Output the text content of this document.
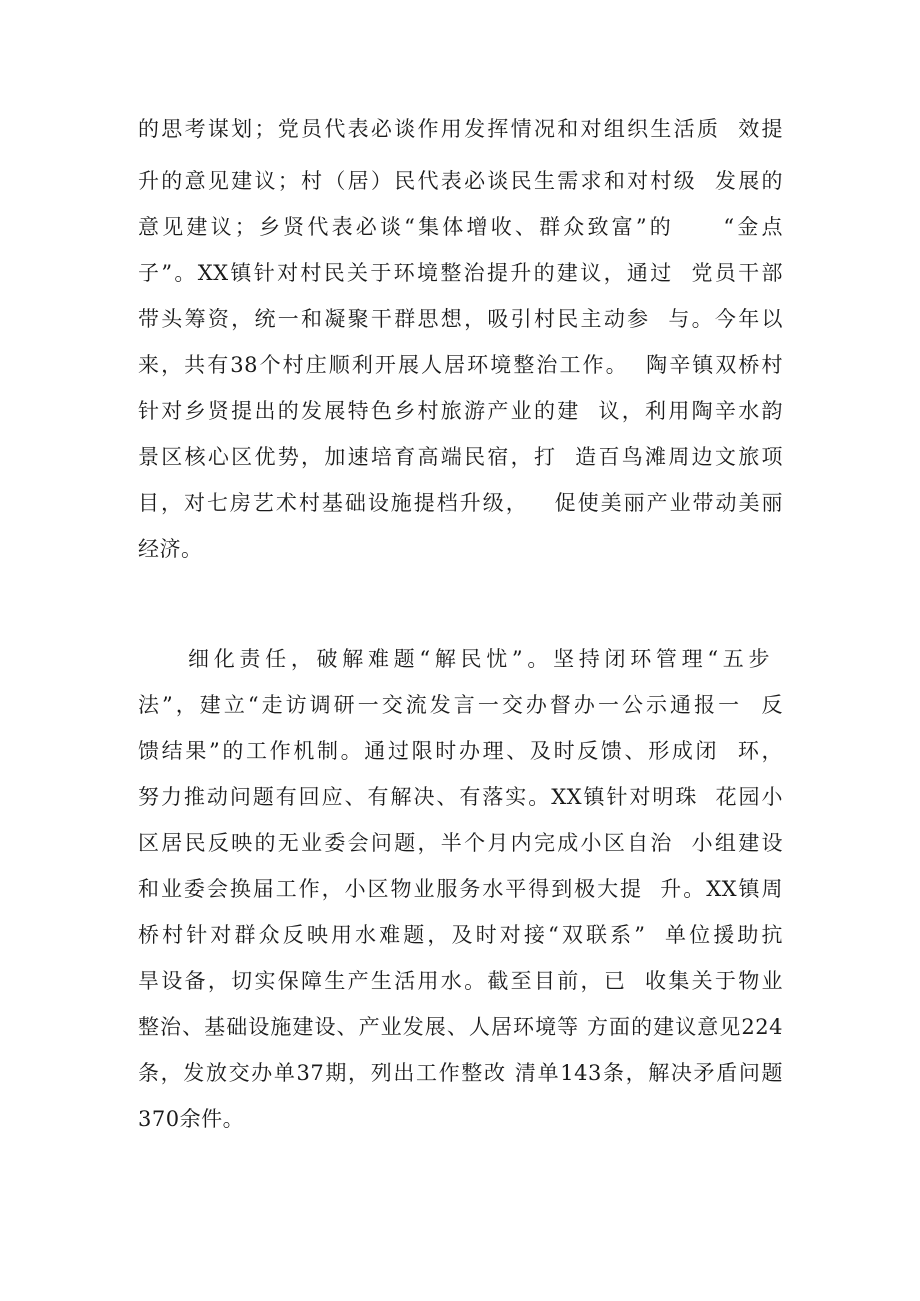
的思考谋划；党员代表必谈作用发挥情况和对组织生活质  效提
升的意见建议；村（居）民代表必谈民生需求和对村级  发展的
意见建议；乡贤代表必谈“集体增收、群众致富”的     “金点
子”。XX镇针对村民关于环境整治提升的建议，通过  党员干部
带头筹资，统一和凝聚干群思想，吸引村民主动参  与。今年以
来，共有38个村庄顺利开展人居环境整治工作。  陶辛镇双桥村
针对乡贤提出的发展特色乡村旅游产业的建  议，利用陶辛水韵
景区核心区优势，加速培育高端民宿，打  造百鸟滩周边文旅项
目，对七房艺术村基础设施提档升级，   促使美丽产业带动美丽
经济。
细化责任，破解难题“解民忧”。坚持闭环管理“五步
法”，建立“走访调研一交流发言一交办督办一公示通报一  反
馈结果”的工作机制。通过限时办理、及时反馈、形成闭  环，
努力推动问题有回应、有解决、有落实。XX镇针对明珠  花园小
区居民反映的无业委会问题，半个月内完成小区自治  小组建设
和业委会换届工作，小区物业服务水平得到极大提  升。XX镇周
桥村针对群众反映用水难题，及时对接“双联系”  单位援助抗
旱设备，切实保障生产生活用水。截至目前，已  收集关于物业
整治、基础设施建设、产业发展、人居环境等 方面的建议意见224
条，发放交办单37期，列出工作整改 清单143条，解决矛盾问题
370余件。
